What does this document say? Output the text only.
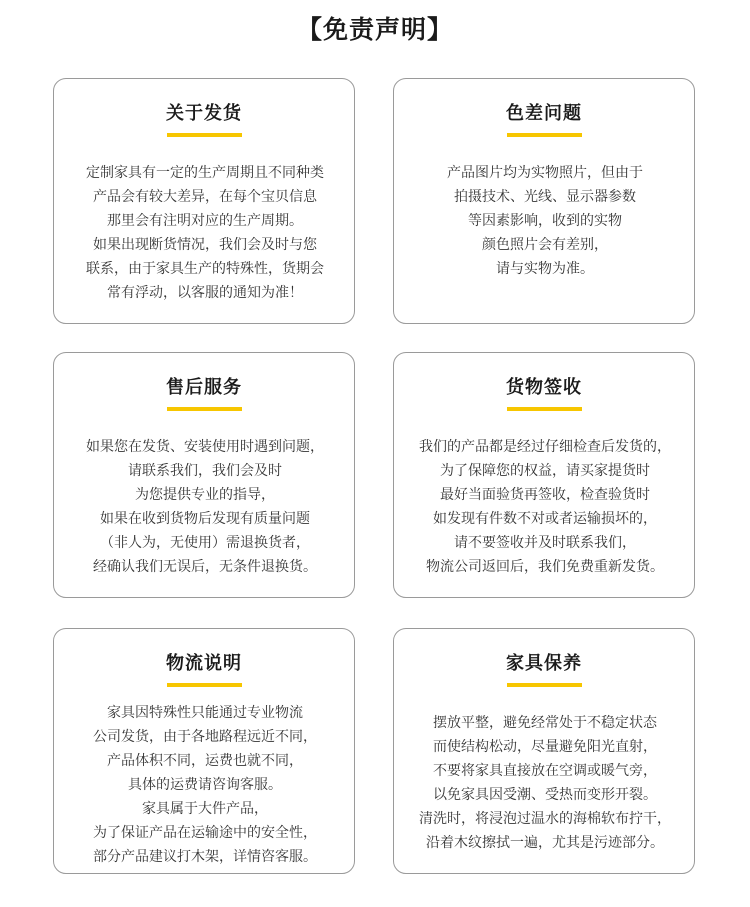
【免责声明】
关于发货
定制家具有一定的生产周期且不同种类
产品会有较大差异，在每个宝贝信息
那里会有注明对应的生产周期。
如果出现断货情况，我们会及时与您
联系，由于家具生产的特殊性，货期会
常有浮动，以客服的通知为准！
色差问题
产品图片均为实物照片，但由于
拍摄技术、光线、显示器参数
等因素影响，收到的实物
颜色照片会有差别，
请与实物为准。
售后服务
如果您在发货、安装使用时遇到问题，
请联系我们，我们会及时
为您提供专业的指导，
如果在收到货物后发现有质量问题
（非人为，无使用）需退换货者，
经确认我们无误后，无条件退换货。
货物签收
我们的产品都是经过仔细检查后发货的，
为了保障您的权益，请买家提货时
最好当面验货再签收，检查验货时
如发现有件数不对或者运输损坏的，
请不要签收并及时联系我们，
物流公司返回后，我们免费重新发货。
物流说明
家具因特殊性只能通过专业物流
公司发货，由于各地路程远近不同，
产品体积不同，运费也就不同，
具体的运费请咨询客服。
家具属于大件产品，
为了保证产品在运输途中的安全性，
部分产品建议打木架，详情咨客服。
家具保养
摆放平整，避免经常处于不稳定状态
而使结构松动，尽量避免阳光直射，
不要将家具直接放在空调或暖气旁，
以免家具因受潮、受热而变形开裂。
清洗时，将浸泡过温水的海棉软布拧干，
沿着木纹擦拭一遍，尤其是污迹部分。
